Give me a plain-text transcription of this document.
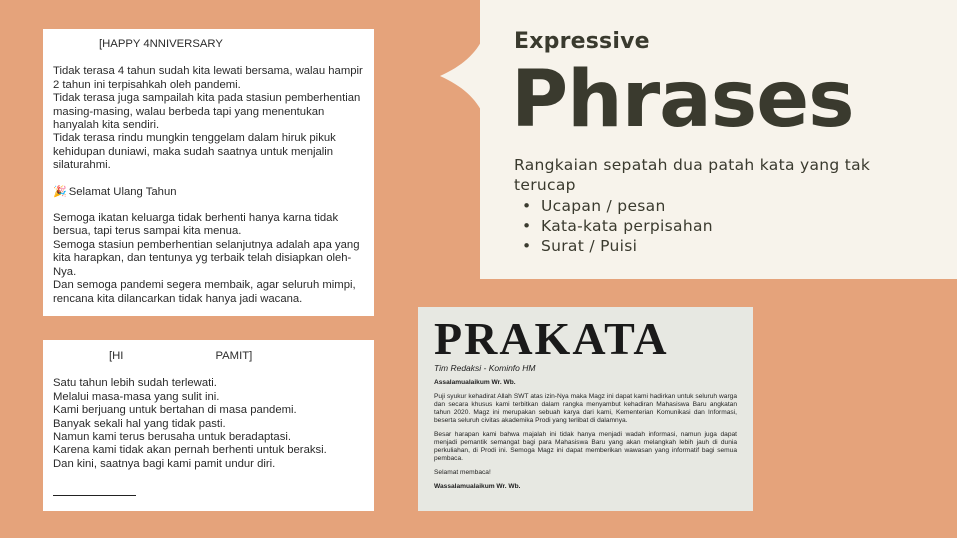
Expressive
Phrases
Rangkaian sepatah dua patah kata yang tak terucap
• Ucapan / pesan
• Kata-kata perpisahan
• Surat / Puisi
[HAPPY 4NNIVERSARY

Tidak terasa 4 tahun sudah kita lewati bersama, walau hampir 2 tahun ini terpisahkah oleh pandemi.

Tidak terasa juga sampailah kita pada stasiun pemberhentian masing-masing, walau berbeda tapi yang menentukan hanyalah kita sendiri.

Tidak terasa rindu mungkin tenggelam dalam hiruk pikuk kehidupan duniawi, maka sudah saatnya untuk menjalin silaturahmi.

🎉 Selamat Ulang Tahun

Semoga ikatan keluarga tidak berhenti hanya karna tidak bersua, tapi terus sampai kita menua.

Semoga stasiun pemberhentian selanjutnya adalah apa yang kita harapkan, dan tentunya yg terbaik telah disiapkan oleh-Nya.

Dan semoga pandemi segera membaik, agar seluruh mimpi, rencana kita dilancarkan tidak hanya jadi wacana.

[HI	PAMIT]

Satu tahun lebih sudah terlewati.

Melalui masa-masa yang sulit ini.

Kami berjuang untuk bertahan di masa pandemi.

Banyak sekali hal yang tidak pasti.

Namun kami terus berusaha untuk beradaptasi.

Karena kami tidak akan pernah berhenti untuk beraksi.

Dan kini, saatnya bagi kami pamit undur diri.

PRAKATA
Tim Redaksi - Kominfo HM

Assalamualaikum Wr. Wb.

Puji syukur kehadirat Allah SWT atas izin-Nya maka Magz ini dapat kami hadirkan untuk seluruh warga dan secara khusus kami terbitkan dalam rangka menyambut kehadiran Mahasiswa Baru angkatan tahun 2020. Magz ini merupakan sebuah karya dari kami, Kementerian Komunikasi dan Informasi, beserta seluruh civitas akademika Prodi yang terlibat di dalamnya.

Besar harapan kami bahwa majalah ini tidak hanya menjadi wadah informasi, namun juga dapat menjadi pemantik semangat bagi para Mahasiswa Baru yang akan melangkah lebih jauh di dunia perkuliahan, di Prodi ini. Semoga Magz ini dapat memberikan wawasan yang informatif bagi semua pembaca.

Selamat membaca!

Wassalamualaikum Wr. Wb.
